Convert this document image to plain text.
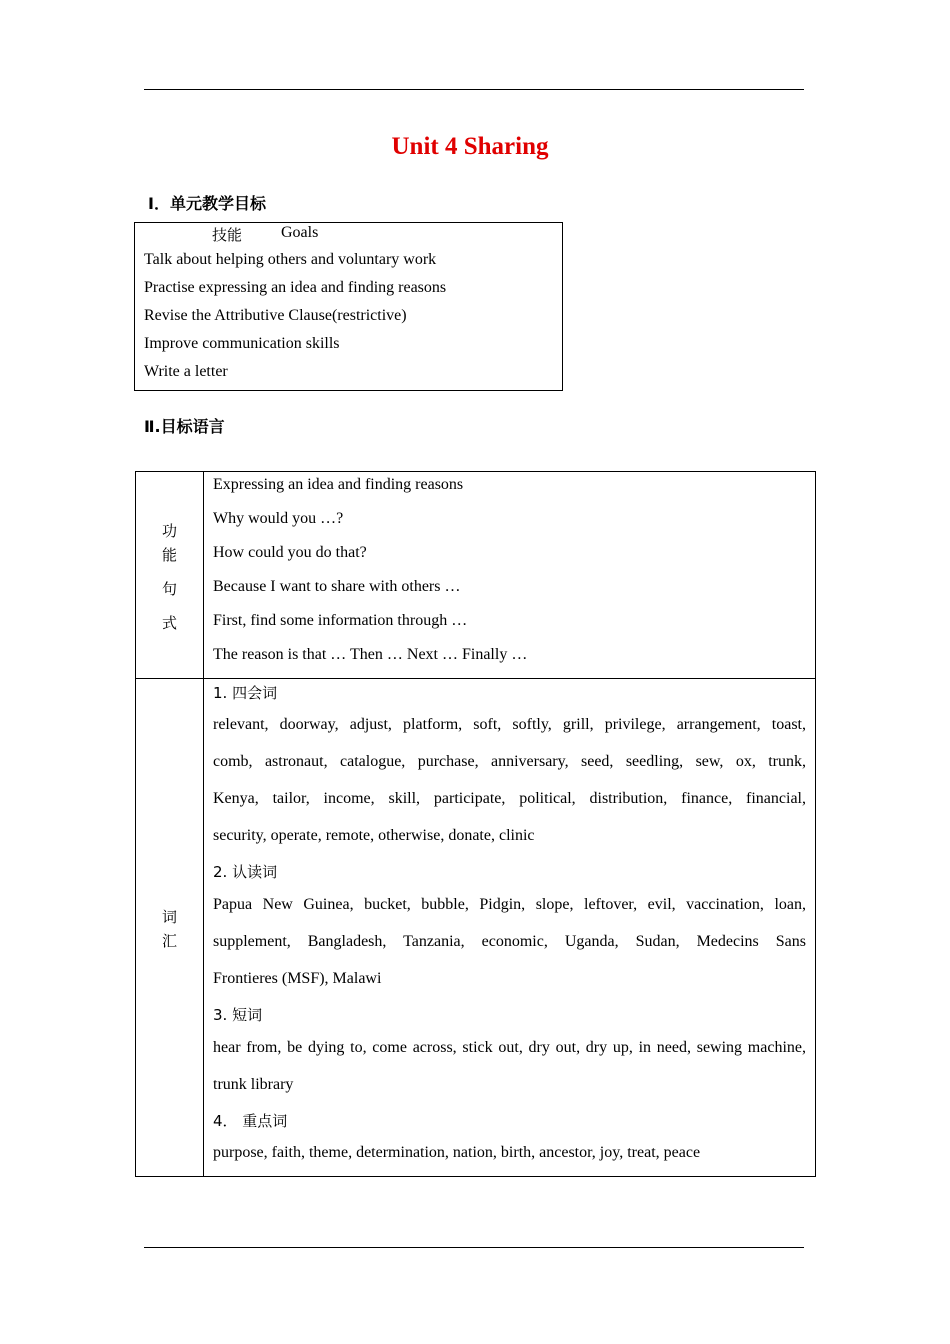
Unit 4 Sharing
Ⅰ．单元教学目标
技能 Goals
Talk about helping others and voluntary work
Practise expressing an idea and finding reasons
Revise the Attributive Clause(restrictive)
Improve communication skills
Write a letter
Ⅱ.目标语言
功
能
句
式
Expressing an idea and finding reasons
Why would you …?
How could you do that?
Because I want to share with others …
First, find some information through …
The reason is that … Then … Next … Finally …
词
汇
1. 四会词
relevant, doorway, adjust, platform, soft, softly, grill, privilege, arrangement, toast,
comb, astronaut, catalogue, purchase, anniversary, seed, seedling, sew, ox, trunk,
Kenya, tailor, income, skill, participate, political, distribution, finance, financial,
security, operate, remote, otherwise, donate, clinic
2. 认读词
Papua New Guinea, bucket, bubble, Pidgin, slope, leftover, evil, vaccination, loan,
supplement, Bangladesh, Tanzania, economic, Uganda, Sudan, Medecins Sans
Frontieres (MSF), Malawi
3. 短词
hear from, be dying to, come across, stick out, dry out, dry up, in need, sewing machine,
trunk library
4． 重点词
purpose, faith, theme, determination, nation, birth, ancestor, joy, treat, peace
